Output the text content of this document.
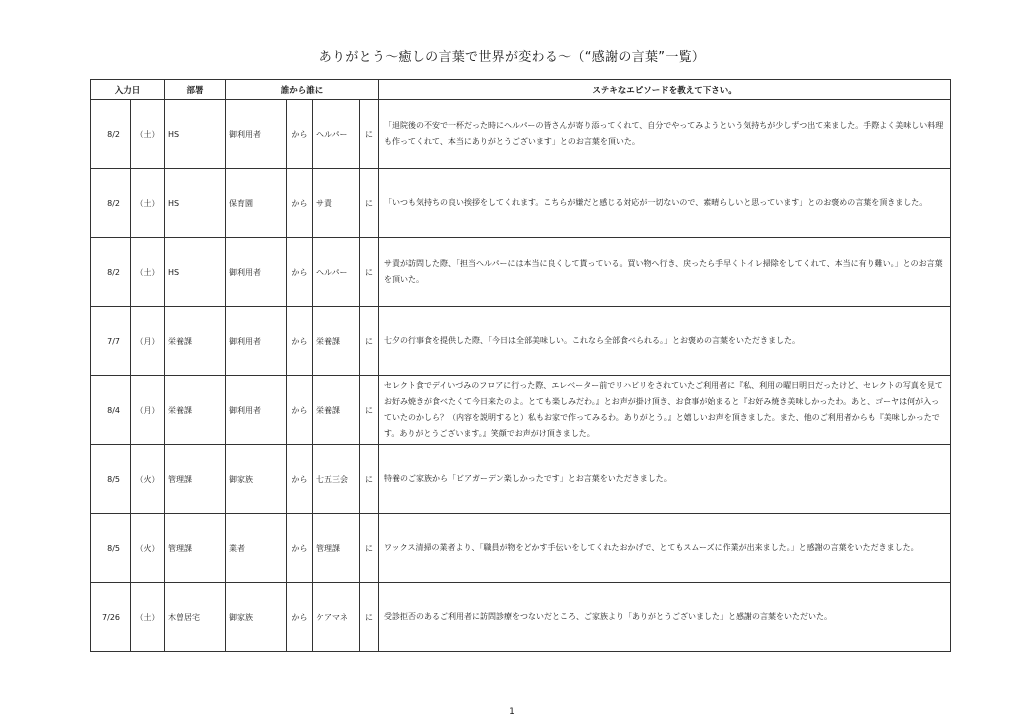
ありがとう〜癒しの言葉で世界が変わる〜（“感謝の言葉”一覧）
入力日		部署	誰から誰に				ステキなエピソードを教えて下さい。
8/2	（土）	HS	御利用者	から	ヘルパー	に	「退院後の不安で一杯だった時にヘルパーの皆さんが寄り添ってくれて、自分でやってみようという気持ちが少しずつ出て来ました。手際よく美味しい料理も作ってくれて、本当にありがとうございます」とのお言葉を頂いた。
8/2	（土）	HS	保育園	から	サ責	に	「いつも気持ちの良い挨拶をしてくれます。こちらが嫌だと感じる対応が一切ないので、素晴らしいと思っています」とのお褒めの言葉を頂きました。
8/2	（土）	HS	御利用者	から	ヘルパー	に	サ責が訪問した際、「担当ヘルパーには本当に良くして貰っている。買い物へ行き、戻ったら手早くトイレ掃除をしてくれて、本当に有り難い。」とのお言葉を頂いた。
7/7	（月）	栄養課	御利用者	から	栄養課	に	七夕の行事食を提供した際、「今日は全部美味しい。これなら全部食べられる。」とお褒めの言葉をいただきました。
8/4	（月）	栄養課	御利用者	から	栄養課	に	セレクト食でデイいづみのフロアに行った際、エレベーター前でリハビリをされていたご利用者に『私、利用の曜日明日だったけど、セレクトの写真を見てお好み焼きが食べたくて今日来たのよ。とても楽しみだわ。』とお声が掛け頂き、お食事が始まると『お好み焼き美味しかったわ。あと、ゴーヤは何が入っていたのかしら？（内容を説明すると）私もお家で作ってみるわ。ありがとう。』と嬉しいお声を頂きました。また、他のご利用者からも『美味しかったです。ありがとうございます。』笑顔でお声がけ頂きました。
8/5	（火）	管理課	御家族	から	七五三会	に	特養のご家族から「ビアガーデン楽しかったです」とお言葉をいただきました。
8/5	（火）	管理課	業者	から	管理課	に	ワックス清掃の業者より、「職員が物をどかす手伝いをしてくれたおかげで、とてもスムーズに作業が出来ました。」と感謝の言葉をいただきました。
7/26	（土）	木曽居宅	御家族	から	ケアマネ	に	受診拒否のあるご利用者に訪問診療をつないだところ、ご家族より「ありがとうございました」と感謝の言葉をいただいた。
1
